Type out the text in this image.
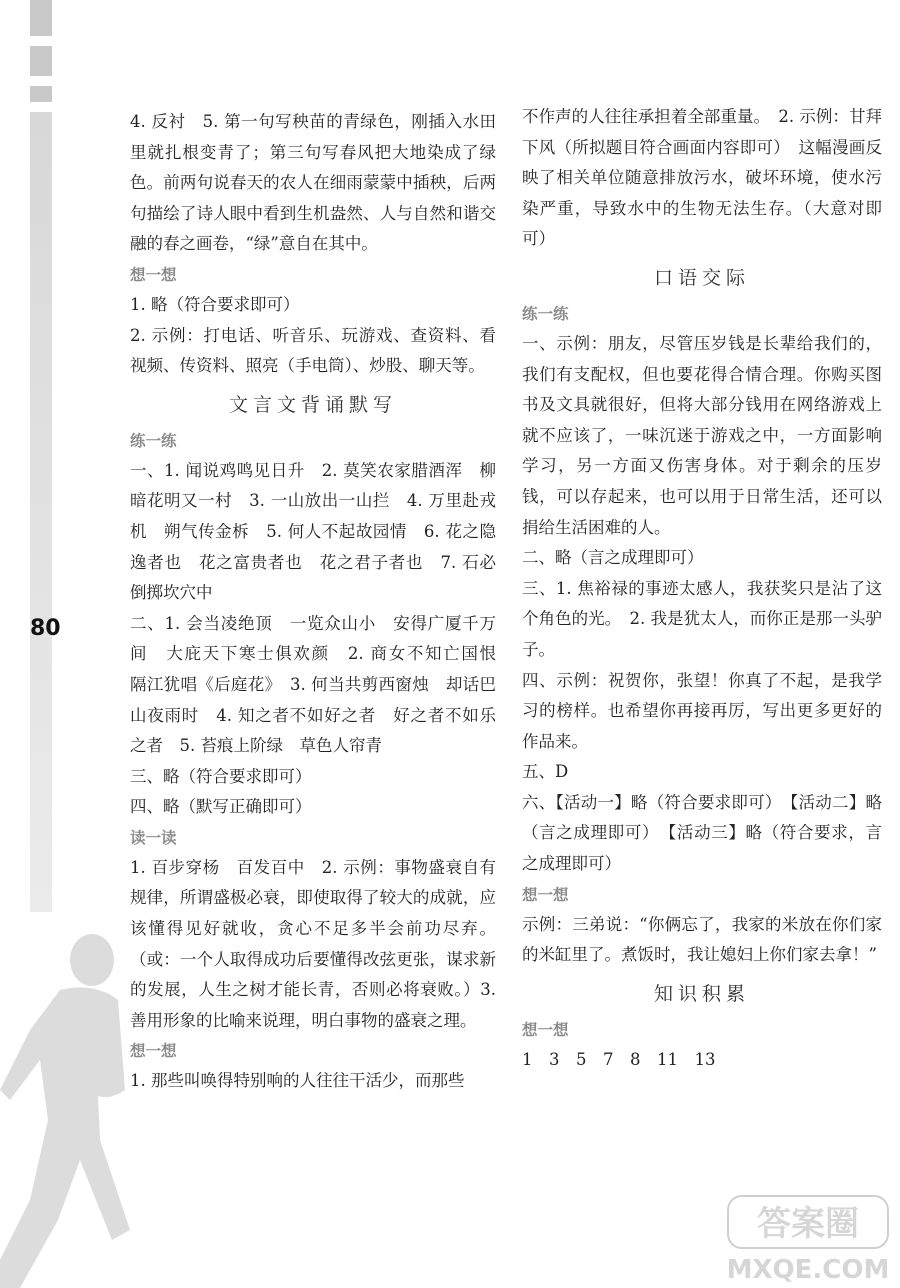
80

4. 反衬　5. 第一句写秧苗的青绿色，刚插入水田里就扎根变青了；第三句写春风把大地染成了绿色。前两句说春天的农人在细雨蒙蒙中插秧，后两句描绘了诗人眼中看到生机盎然、人与自然和谐交融的春之画卷，“绿”意自在其中。

想一想

1. 略（符合要求即可）

2. 示例：打电话、听音乐、玩游戏、查资料、看视频、传资料、照亮（手电筒）、炒股、聊天等。

文言文背诵默写
练一练

一、1. 闻说鸡鸣见日升　2. 莫笑农家腊酒浑　柳暗花明又一村　3. 一山放出一山拦　4. 万里赴戎机　朔气传金柝　5. 何人不起故园情　6. 花之隐逸者也　花之富贵者也　花之君子者也　7. 石必倒掷坎穴中

二、1. 会当凌绝顶　一览众山小　安得广厦千万间　大庇天下寒士俱欢颜　2. 商女不知亡国恨　隔江犹唱《后庭花》　3. 何当共剪西窗烛　却话巴山夜雨时　4. 知之者不如好之者　好之者不如乐之者　5. 苔痕上阶绿　草色人帘青

三、略（符合要求即可）

四、略（默写正确即可）

读一读

1. 百步穿杨　百发百中　2. 示例：事物盛衰自有规律，所谓盛极必衰，即使取得了较大的成就，应该懂得见好就收，贪心不足多半会前功尽弃。（或：一个人取得成功后要懂得改弦更张，谋求新的发展，人生之树才能长青，否则必将衰败。）3. 善用形象的比喻来说理，明白事物的盛衰之理。

想一想

1. 那些叫唤得特别响的人往往干活少，而那些

不作声的人往往承担着全部重量。　2. 示例：甘拜下风（所拟题目符合画面内容即可）　这幅漫画反映了相关单位随意排放污水，破坏环境，使水污染严重，导致水中的生物无法生存。（大意对即可）

口语交际
练一练

一、示例：朋友，尽管压岁钱是长辈给我们的，我们有支配权，但也要花得合情合理。你购买图书及文具就很好，但将大部分钱用在网络游戏上就不应该了，一味沉迷于游戏之中，一方面影响学习，另一方面又伤害身体。对于剩余的压岁钱，可以存起来，也可以用于日常生活，还可以捐给生活困难的人。

二、略（言之成理即可）

三、1. 焦裕禄的事迹太感人，我获奖只是沾了这个角色的光。　2. 我是犹太人，而你正是那一头驴子。

四、示例：祝贺你，张望！你真了不起，是我学习的榜样。也希望你再接再厉，写出更多更好的作品来。

五、D

六、【活动一】略（符合要求即可）　【活动二】略（言之成理即可）　【活动三】略（符合要求，言之成理即可）

想一想

示例：三弟说：“你俩忘了，我家的米放在你们家的米缸里了。煮饭时，我让媳妇上你们家去拿！”

知识积累
想一想

1　3　5　7　8　11　13

答案圈
MXQE.COM
